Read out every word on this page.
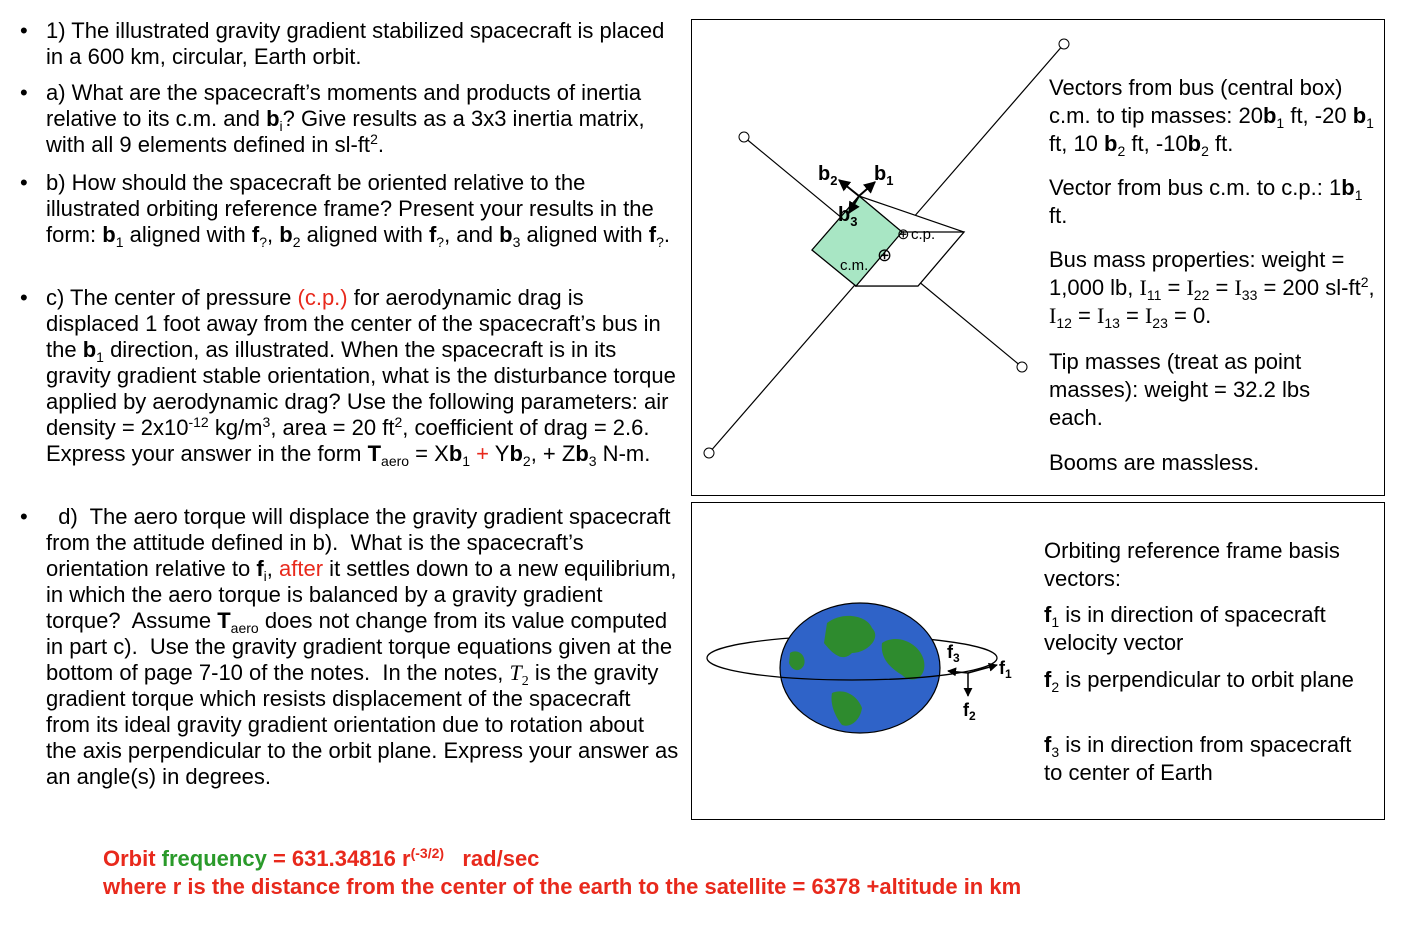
• 1) The illustrated gravity gradient stabilized spacecraft is placed in a 600 km, circular, Earth orbit.
• a) What are the spacecraft’s moments and products of inertia relative to its c.m. and $b_i$? Give results as a 3x3 inertia matrix, with all 9 elements defined in $sl-ft^2$.
• b) How should the spacecraft be oriented relative to the illustrated orbiting reference frame? Present your results in the form: $b_1$ aligned with $f_?$, $b_2$ aligned with $f_?$, and $b_3$ aligned with $f_?$.
• c) The center of pressure (c.p.) for aerodynamic drag is displaced 1 foot away from the center of the spacecraft’s bus in the $b_1$ direction, as illustrated. When the spacecraft is in its gravity gradient stable orientation, what is the disturbance torque applied by aerodynamic drag? Use the following parameters: air density = $2x10^{-12}$ $kg/m^3$, area = 20 $ft^2$, coefficient of drag = 2.6. Express your answer in the form $T_{aero} = Xb_1 + Yb_2$, + $Zb_3$ N-m.
• d)  The aero torque will displace the gravity gradient spacecraft from the attitude defined in b).  What is the spacecraft’s orientation relative to $f_i$, after it settles down to a new equilibrium, in which the aero torque is balanced by a gravity gradient torque?  Assume $T_{aero}$ does not change from its value computed in part c).  Use the gravity gradient torque equations given at the bottom of page 7-10 of the notes.  In the notes, $T_2$ is the gravity gradient torque which resists displacement of the spacecraft from its ideal gravity gradient orientation due to rotation about the axis perpendicular to the orbit plane. Express your answer as an angle(s) in degrees.
$b_2$ $b_1$
$b_3$
c.m.
⊕
⊕ c.p.
Vectors from bus (central box) c.m. to tip masses: $20b_1$ ft, -20 $b_1$ ft, 10 $b_2$ ft, $-10b_2$ ft.
Vector from bus c.m. to c.p.: $1b_1$ ft.
Bus mass properties: weight = 1,000 lb, $I_{11} = I_{22} = I_{33} = 200$ $sl-ft^2$, $I_{12} = I_{13} = I_{23} = 0$.
Tip masses (treat as point masses): weight = 32.2 lbs each.
Booms are massless.
$f_1$
$f_2$
$f_3$
Orbiting reference frame basis vectors:
$f_1$ is in direction of spacecraft velocity vector
$f_2$ is perpendicular to orbit plane
$f_3$ is in direction from spacecraft to center of Earth
Orbit frequency = 631.34816 $r^{(-3/2)}$   rad/sec
where r is the distance from the center of the earth to the satellite = 6378 +altitude in km
